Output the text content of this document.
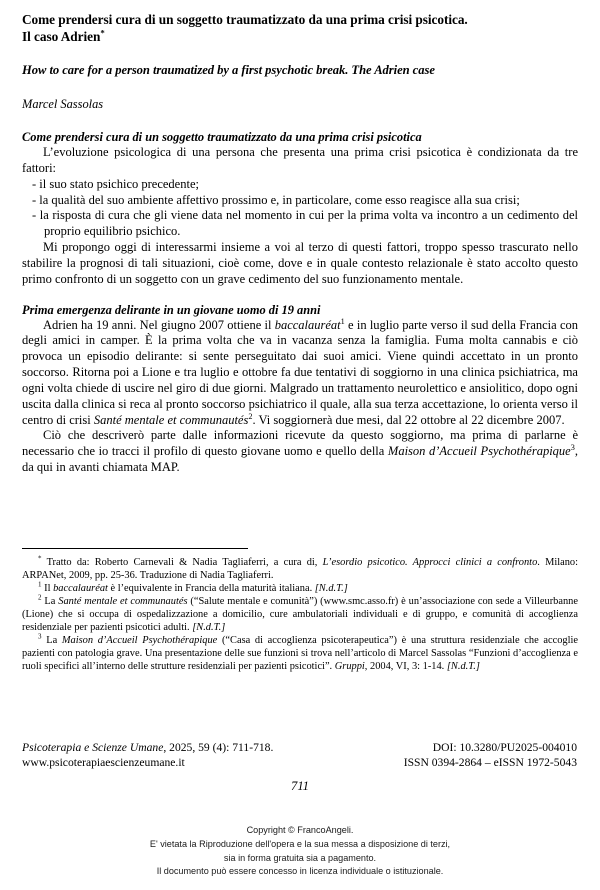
Come prendersi cura di un soggetto traumatizzato da una prima crisi psicotica.
Il caso Adrien*
How to care for a person traumatized by a first psychotic break. The Adrien case

Marcel Sassolas

Come prendersi cura di un soggetto traumatizzato da una prima crisi psicotica

L’evoluzione psicologica di una persona che presenta una prima crisi psicotica è condizionata da tre fattori:

- il suo stato psichico precedente;
- la qualità del suo ambiente affettivo prossimo e, in particolare, come esso reagisce alla sua crisi;
- la risposta di cura che gli viene data nel momento in cui per la prima volta va incontro a un cedimento del proprio equilibrio psichico.

Mi propongo oggi di interessarmi insieme a voi al terzo di questi fattori, troppo spesso trascurato nello stabilire la prognosi di tali situazioni, cioè come, dove e in quale contesto relazionale è stato accolto questo primo confronto di un soggetto con un grave cedimento del suo funzionamento mentale.

Prima emergenza delirante in un giovane uomo di 19 anni

Adrien ha 19 anni. Nel giugno 2007 ottiene il baccalauréat$^1$ e in luglio parte verso il sud della Francia con degli amici in camper. È la prima volta che va in vacanza senza la famiglia. Fuma molta cannabis e ciò provoca un episodio delirante: si sente perseguitato dai suoi amici. Viene quindi accettato in un pronto soccorso. Ritorna poi a Lione e tra luglio e ottobre fa due tentativi di soggiorno in una clinica psichiatrica, ma ogni volta chiede di uscire nel giro di due giorni. Malgrado un trattamento neurolettico e ansiolitico, dopo ogni uscita dalla clinica si reca al pronto soccorso psichiatrico il quale, alla sua terza accettazione, lo orienta verso il centro di crisi Santé mentale et communautés$^2$. Vi soggiornerà due mesi, dal 22 ottobre al 22 dicembre 2007.

Ciò che descriverò parte dalle informazioni ricevute da questo soggiorno, ma prima di parlarne è necessario che io tracci il profilo di questo giovane uomo e quello della Maison d’Accueil Psychothérapique$^3$, da qui in avanti chiamata MAP.

* Tratto da: Roberto Carnevali & Nadia Tagliaferri, a cura di, L’esordio psicotico. Approcci clinici a confronto. Milano: ARPANet, 2009, pp. 25-36. Traduzione di Nadia Tagliaferri.

$^1$ Il baccalauréat è l’equivalente in Francia della maturità italiana. [N.d.T.]

$^2$ La Santé mentale et communautés (“Salute mentale e comunità”) (www.smc.asso.fr) è un’associazione con sede a Villeurbanne (Lione) che si occupa di ospedalizzazione a domicilio, cure ambulatoriali individuali e di gruppo, e comunità di accoglienza residenziale per pazienti psicotici adulti. [N.d.T.]

$^3$ La Maison d’Accueil Psychothérapique (“Casa di accoglienza psicoterapeutica”) è una struttura residenziale che accoglie pazienti con patologia grave. Una presentazione delle sue funzioni si trova nell’articolo di Marcel Sassolas “Funzioni d’accoglienza e ruoli specifici all’interno delle strutture residenziali per pazienti psicotici”. Gruppi, 2004, VI, 3: 1-14. [N.d.T.]

Psicoterapia e Scienze Umane, 2025, 59 (4): 711-718.	DOI: 10.3280/PU2025-004010
www.psicoterapiaescienzeumane.it	ISSN 0394-2864 – eISSN 1972-5043
711
Copyright © FrancoAngeli.
E' vietata la Riproduzione dell'opera e la sua messa a disposizione di terzi,
sia in forma gratuita sia a pagamento.
Il documento può essere concesso in licenza individuale o istituzionale.
